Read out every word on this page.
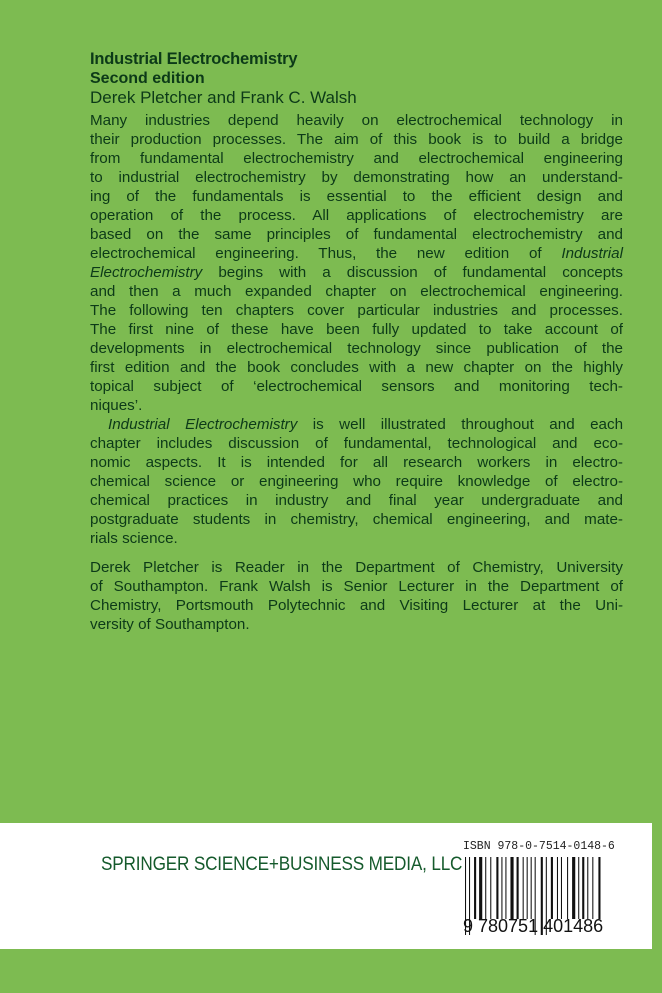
Industrial Electrochemistry
Second edition
Derek Pletcher and Frank C. Walsh
Many industries depend heavily on electrochemical technology in
their production processes. The aim of this book is to build a bridge
from fundamental electrochemistry and electrochemical engineering
to industrial electrochemistry by demonstrating how an understand-
ing of the fundamentals is essential to the efficient design and
operation of the process. All applications of electrochemistry are
based on the same principles of fundamental electrochemistry and
electrochemical engineering. Thus, the new edition of Industrial
Electrochemistry begins with a discussion of fundamental concepts
and then a much expanded chapter on electrochemical engineering.
The following ten chapters cover particular industries and processes.
The first nine of these have been fully updated to take account of
developments in electrochemical technology since publication of the
first edition and the book concludes with a new chapter on the highly
topical subject of ‘electrochemical sensors and monitoring tech-
niques’.
Industrial Electrochemistry is well illustrated throughout and each
chapter includes discussion of fundamental, technological and eco-
nomic aspects. It is intended for all research workers in electro-
chemical science or engineering who require knowledge of electro-
chemical practices in industry and final year undergraduate and
postgraduate students in chemistry, chemical engineering, and mate-
rials science.
Derek Pletcher is Reader in the Department of Chemistry, University
of Southampton. Frank Walsh is Senior Lecturer in the Department of
Chemistry, Portsmouth Polytechnic and Visiting Lecturer at the Uni-
versity of Southampton.
SPRINGER SCIENCE+BUSINESS MEDIA, LLC
ISBN 978-0-7514-0148-6
9 780751 401486
